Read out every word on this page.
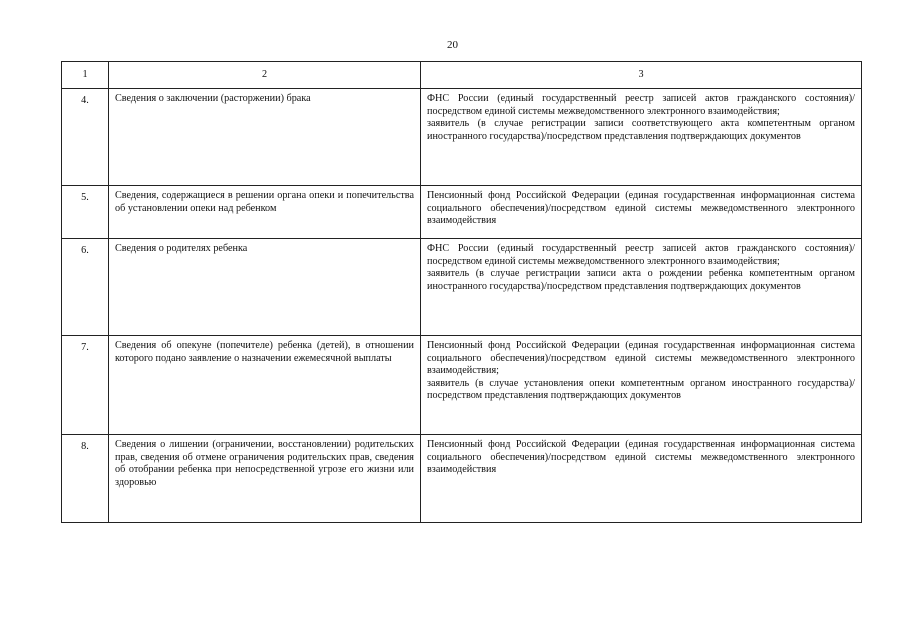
20
1	2	3
4.	Сведения о заключении (расторжении) брака	ФНС России (единый государственный реестр записей актов гражданского состояния)/посредством единой системы межведомственного электронного взаимодействия;

заявитель (в случае регистрации записи соответствующего акта компетентным органом иностранного государства)/посредством представления подтверждающих документов

5.	Сведения, содержащиеся в решении органа опеки и попечительства об установлении опеки над ребенком	Пенсионный фонд Российской Федерации (единая государственная информационная система социального обеспечения)/посредством единой системы межведомственного электронного взаимодействия

6.	Сведения о родителях ребенка	ФНС России (единый государственный реестр записей актов гражданского состояния)/посредством единой системы межведомственного электронного взаимодействия;

заявитель (в случае регистрации записи акта о рождении ребенка компетентным органом иностранного государства)/посредством представления подтверждающих документов

7.	Сведения об опекуне (попечителе) ребенка (детей), в отношении которого подано заявление о назначении ежемесячной выплаты	Пенсионный фонд Российской Федерации (единая государственная информационная система социального обеспечения)/посредством единой системы межведомственного электронного взаимодействия;

заявитель (в случае установления опеки компетентным органом иностранного государства)/посредством представления подтверждающих документов

8.	Сведения о лишении (ограничении, восстановлении) родительских прав, сведения об отмене ограничения родительских прав, сведения об отобрании ребенка при непосредственной угрозе его жизни или здоровью	Пенсионный фонд Российской Федерации (единая государственная информационная система социального обеспечения)/посредством единой системы межведомственного электронного взаимодействия
